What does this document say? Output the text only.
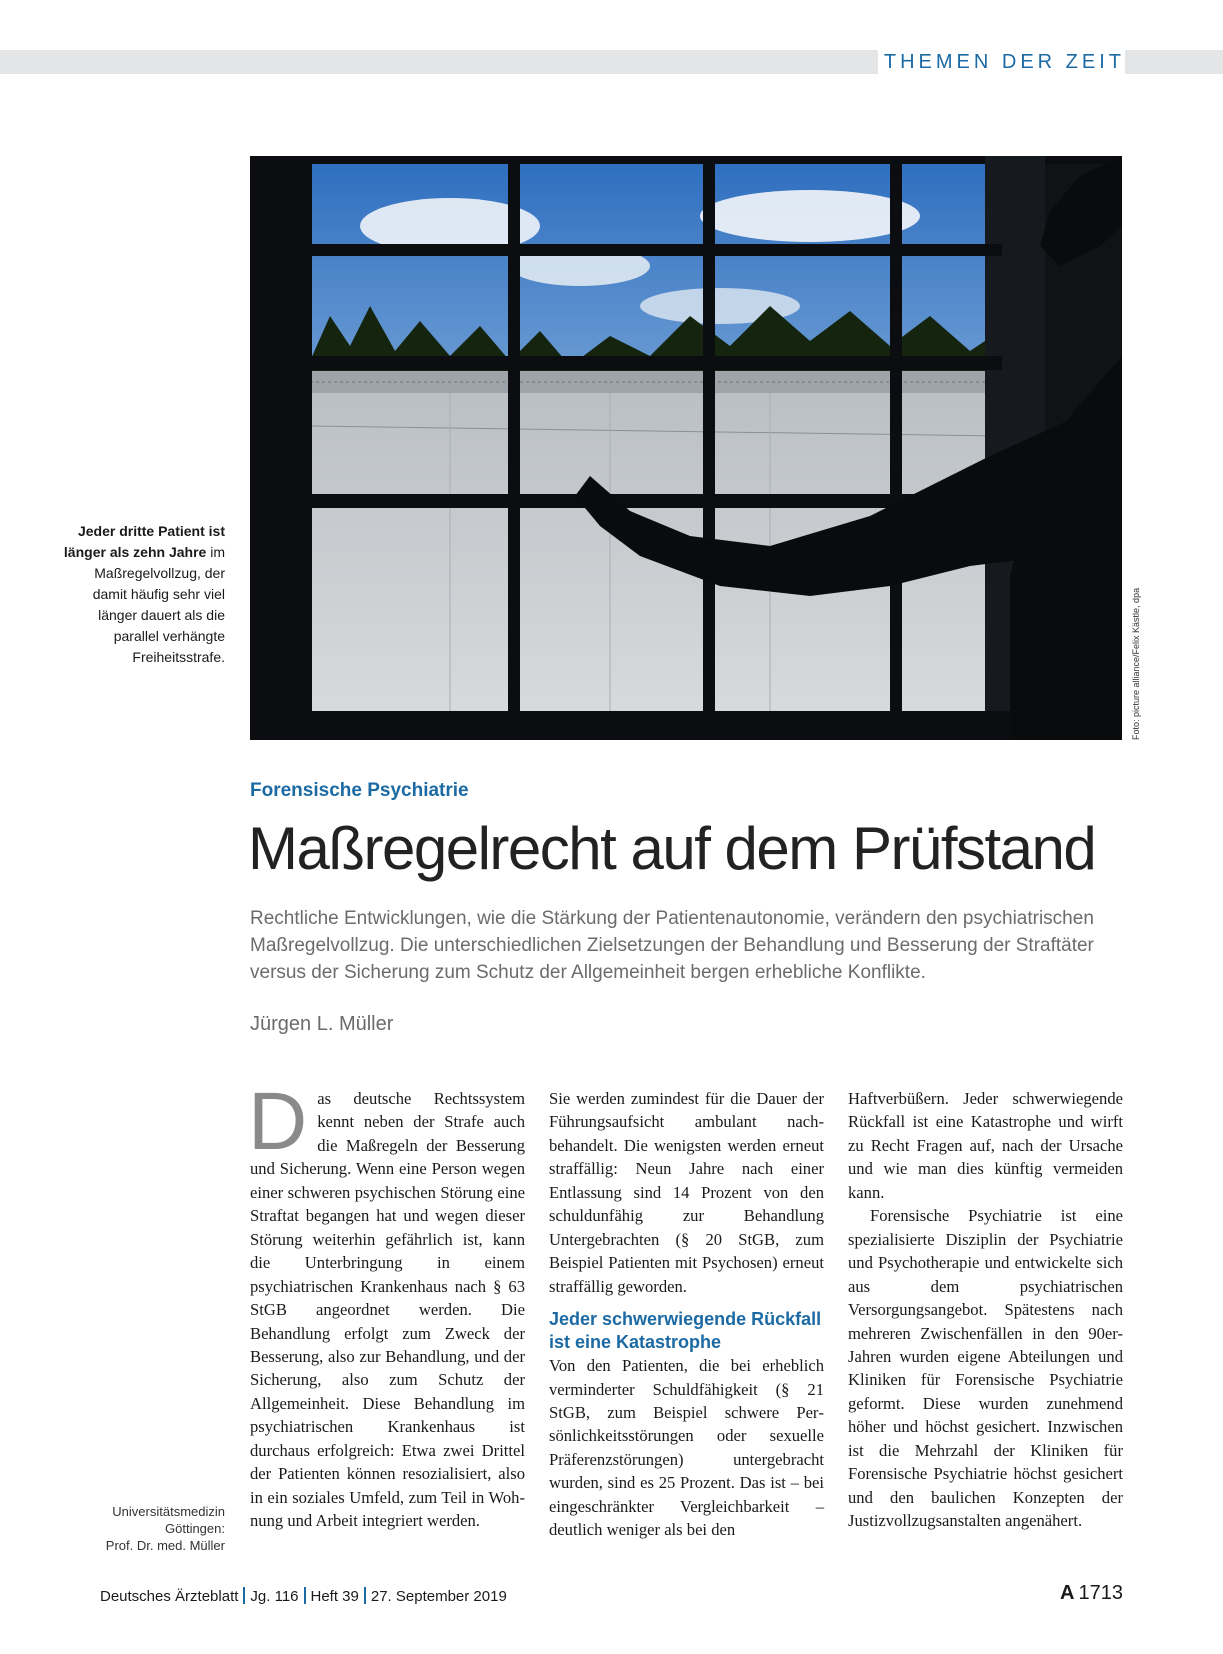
THEMEN DER ZEIT
Foto: picture alliance/Felix Kästle, dpa
Jeder dritte Patient ist länger als zehn Jahre im Maßregelvollzug, der damit häufig sehr viel länger dauert als die parallel verhängte Freiheitsstrafe.
Forensische Psychiatrie
Maßregelrecht auf dem Prüfstand
Rechtliche Entwicklungen, wie die Stärkung der Patientenautonomie, verändern den psychiatrischen Maßregelvollzug. Die unterschiedlichen Zielsetzungen der Behandlung und Besserung der Straftäter versus der Sicherung zum Schutz der Allgemeinheit bergen erhebliche Konflikte.
Jürgen L. Müller
D as deutsche Rechtssystem kennt neben der Strafe auch die Maßregeln der Besserung und Sicherung. Wenn eine Person wegen einer schweren psychischen Störung eine Straftat begangen hat und wegen dieser Störung weiterhin gefährlich ist, kann die Unterbringung in einem psychiatrischen Krankenhaus nach § 63 StGB angeordnet werden. Die Behandlung erfolgt zum Zweck der Besserung, also zur Behandlung, und der Sicherung, also zum Schutz der Allgemeinheit. Diese Behandlung im psychiatrischen Krankenhaus ist durchaus erfolgreich: Etwa zwei Drittel der Patienten können resozialisiert, also in ein soziales Umfeld, zum Teil in Wohnung und Arbeit integriert werden.

Sie werden zumindest für die Dauer der Führungsaufsicht ambulant nachbehandelt. Die wenigsten werden erneut straffällig: Neun Jahre nach einer Entlassung sind 14 Prozent von den schuldunfähig zur Behandlung Untergebrachten (§ 20 StGB, zum Beispiel Patienten mit Psychosen) erneut straffällig geworden.

Jeder schwerwiegende Rückfall ist eine Katastrophe

Von den Patienten, die bei erheblich verminderter Schuldfähigkeit (§ 21 StGB, zum Beispiel schwere Persönlichkeitsstörungen oder sexuelle Präferenzstörungen) untergebracht wurden, sind es 25 Prozent. Das ist – bei eingeschränkter Vergleichbarkeit – deutlich weniger als bei den

Haftverbüßern. Jeder schwerwiegende Rückfall ist eine Katastrophe und wirft zu Recht Fragen auf, nach der Ursache und wie man dies künftig vermeiden kann.

Forensische Psychiatrie ist eine spezialisierte Disziplin der Psychiatrie und Psychotherapie und entwickelte sich aus dem psychiatrischen Versorgungsangebot. Spätestens nach mehreren Zwischenfällen in den 90er-Jahren wurden eigene Abteilungen und Kliniken für Forensische Psychiatrie geformt. Diese wurden zunehmend höher und höchst gesichert. Inzwischen ist die Mehrzahl der Kliniken für Forensische Psychiatrie höchst gesichert und den baulichen Konzepten der Justizvollzugsanstalten angenähert.

Universitätsmedizin
Göttingen:
Prof. Dr. med. Müller
Deutsches Ärzteblatt Jg. 116 Heft 39 27. September 2019	A 1713
